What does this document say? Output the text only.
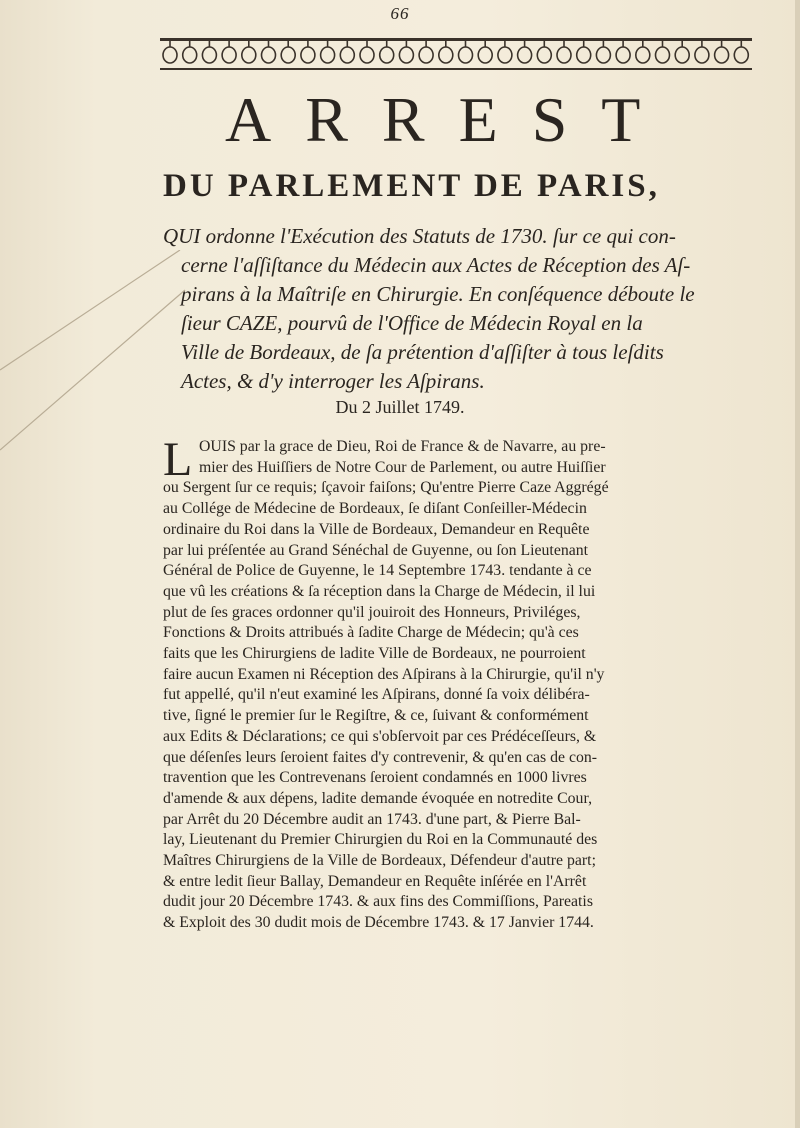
66
ARREST
DU PARLEMENT DE PARIS,
QUI ordonne l'Exécution des Statuts de 1730. ſur ce qui con-
cerne l'aſſiſtance du Médecin aux Actes de Réception des Aſ-
pirans à la Maîtriſe en Chirurgie. En conſéquence déboute le
ſieur CAZE, pourvû de l'Office de Médecin Royal en la
Ville de Bordeaux, de ſa prétention d'aſſiſter à tous leſdits
Actes, & d'y interroger les Aſpirans.
Du 2 Juillet 1749.
L OUIS par la grace de Dieu, Roi de France & de Navarre, au pre-
mier des Huiſſiers de Notre Cour de Parlement, ou autre Huiſſier
ou Sergent ſur ce requis; ſçavoir faiſons; Qu'entre Pierre Caze Aggrégé
au Collége de Médecine de Bordeaux, ſe diſant Conſeiller-Médecin
ordinaire du Roi dans la Ville de Bordeaux, Demandeur en Requête
par lui préſentée au Grand Sénéchal de Guyenne, ou ſon Lieutenant
Général de Police de Guyenne, le 14 Septembre 1743. tendante à ce
que vû les créations & ſa réception dans la Charge de Médecin, il lui
plut de ſes graces ordonner qu'il jouiroit des Honneurs, Priviléges,
Fonctions & Droits attribués à ſadite Charge de Médecin; qu'à ces
faits que les Chirurgiens de ladite Ville de Bordeaux, ne pourroient
faire aucun Examen ni Réception des Aſpirans à la Chirurgie, qu'il n'y
fut appellé, qu'il n'eut examiné les Aſpirans, donné ſa voix délibéra-
tive, ſigné le premier ſur le Regiſtre, & ce, ſuivant & conformément
aux Edits & Déclarations; ce qui s'obſervoit par ces Prédéceſſeurs, &
que déſenſes leurs ſeroient faites d'y contrevenir, & qu'en cas de con-
travention que les Contrevenans ſeroient condamnés en 1000 livres
d'amende & aux dépens, ladite demande évoquée en notredite Cour,
par Arrêt du 20 Décembre audit an 1743. d'une part, & Pierre Bal-
lay, Lieutenant du Premier Chirurgien du Roi en la Communauté des
Maîtres Chirurgiens de la Ville de Bordeaux, Défendeur d'autre part;
& entre ledit ſieur Ballay, Demandeur en Requête inſérée en l'Arrêt
dudit jour 20 Décembre 1743. & aux fins des Commiſſions, Pareatis
& Exploit des 30 dudit mois de Décembre 1743. & 17 Janvier 1744.
